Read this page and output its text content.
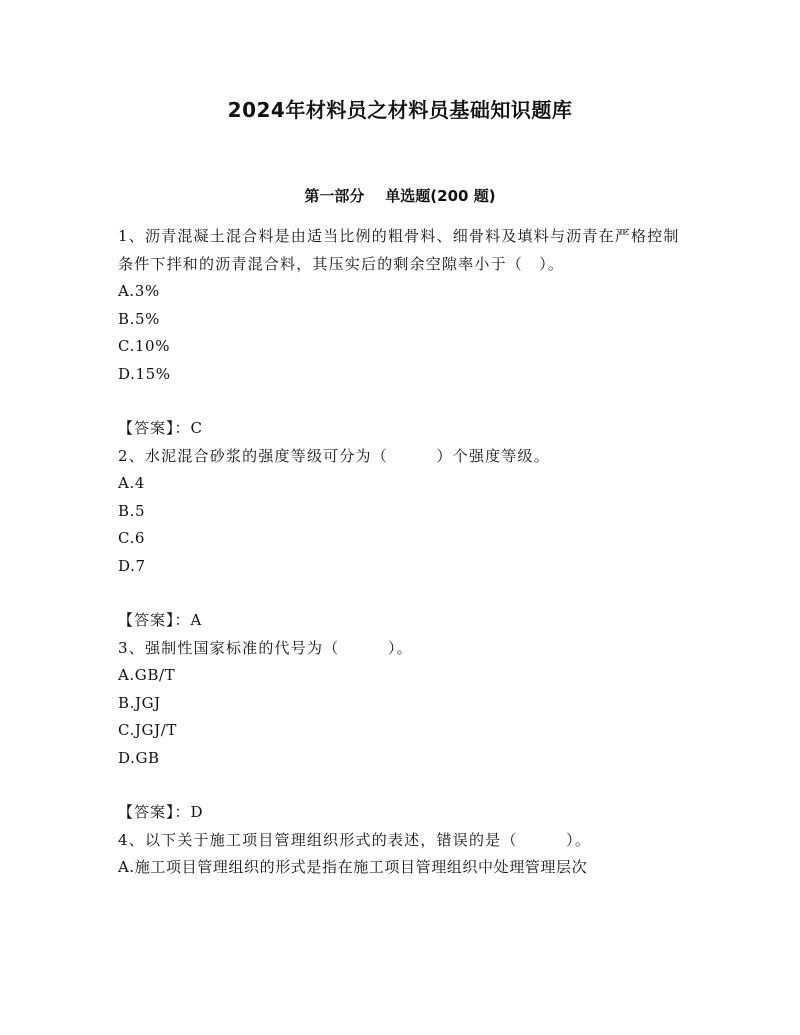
2024年材料员之材料员基础知识题库
第一部分    单选题(200 题)

1、沥青混凝土混合料是由适当比例的粗骨料、细骨料及填料与沥青在严格控制条件下拌和的沥青混合料，其压实后的剩余空隙率小于（　）。

A.3%

B.5%

C.10%

D.15%

【答案】：C

2、水泥混合砂浆的强度等级可分为（　　　）个强度等级。

A.4

B.5

C.6

D.7

【答案】：A

3、强制性国家标准的代号为（　　　）。

A.GB/T

B.JGJ

C.JGJ/T

D.GB

【答案】：D

4、以下关于施工项目管理组织形式的表述，错误的是（　　　）。

A.施工项目管理组织的形式是指在施工项目管理组织中处理管理层次
